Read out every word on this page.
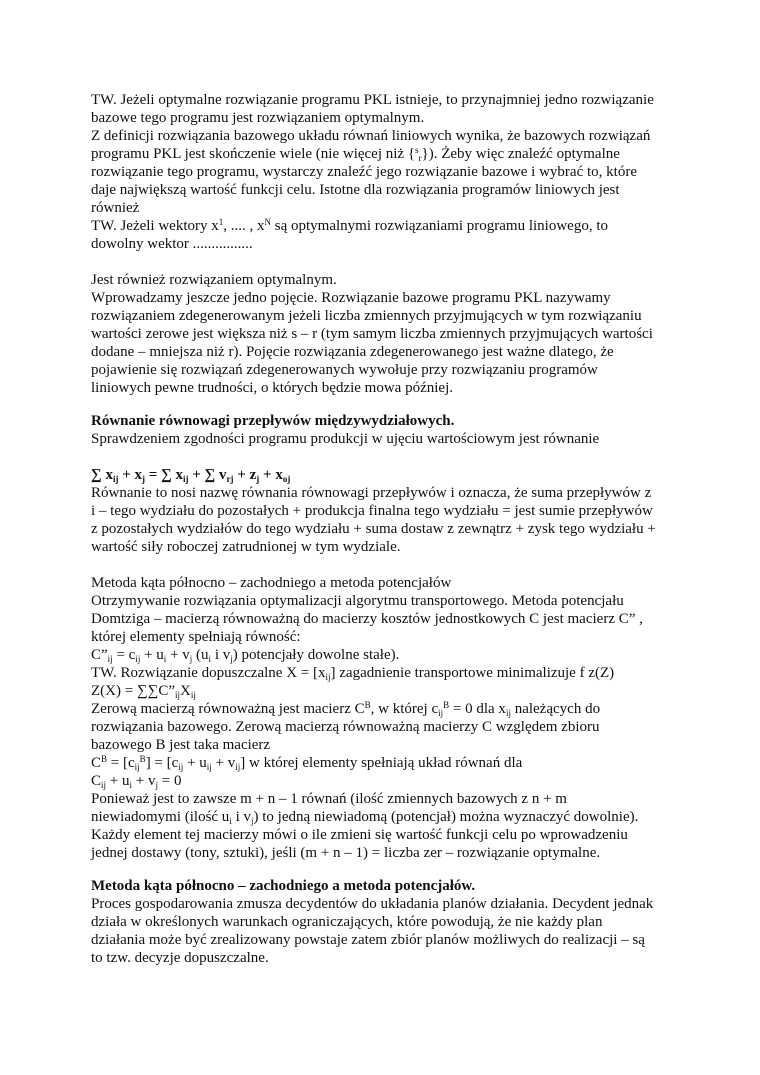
TW. Jeżeli optymalne rozwiązanie programu PKL istnieje, to przynajmniej jedno rozwiązanie
bazowe tego programu jest rozwiązaniem optymalnym.
Z definicji rozwiązania bazowego układu równań liniowych wynika, że bazowych rozwiązań
programu PKL jest skończenie wiele (nie więcej niż {$^s_r$}). Żeby więc znaleźć optymalne
rozwiązanie tego programu, wystarczy znaleźć jego rozwiązanie bazowe i wybrać to, które
daje największą wartość funkcji celu. Istotne dla rozwiązania programów liniowych jest
również
TW. Jeżeli wektory $x^1$, .... , $x^N$ są optymalnymi rozwiązaniami programu liniowego, to
dowolny wektor ................
Jest również rozwiązaniem optymalnym.
Wprowadzamy jeszcze jedno pojęcie. Rozwiązanie bazowe programu PKL nazywamy
rozwiązaniem zdegenerowanym jeżeli liczba zmiennych przyjmujących w tym rozwiązaniu
wartości zerowe jest większa niż s – r (tym samym liczba zmiennych przyjmujących wartości
dodane – mniejsza niż r). Pojęcie rozwiązania zdegenerowanego jest ważne dlatego, że
pojawienie się rozwiązań zdegenerowanych wywołuje przy rozwiązaniu programów
liniowych pewne trudności, o których będzie mowa później.
Równanie równowagi przepływów międzywydziałowych.
Sprawdzeniem zgodności programu produkcji w ujęciu wartościowym jest równanie
∑ $x_{ij} + x_j$ = ∑ $x_{ij}$ + ∑ $v_{rj} + z_j + x_{oj}$
Równanie to nosi nazwę równania równowagi przepływów i oznacza, że suma przepływów z
i – tego wydziału do pozostałych + produkcja finalna tego wydziału = jest sumie przepływów
z pozostałych wydziałów do tego wydziału + suma dostaw z zewnątrz + zysk tego wydziału +
wartość siły roboczej zatrudnionej w tym wydziale.
Metoda kąta północno – zachodniego a metoda potencjałów
Otrzymywanie rozwiązania optymalizacji algorytmu transportowego. Metoda potencjału
Domtziga – macierzą równoważną do macierzy kosztów jednostkowych C jest macierz C” ,
której elementy spełniają równość:
$C”_{ij} = c_{ij} + u_i + v_j$ ($u_i$ i $v_j$) potencjały dowolne stałe).
TW. Rozwiązanie dopuszczalne $X = [x_{ij}]$ zagadnienie transportowe minimalizuje f z(Z)
$Z(X) = \sum\sum C”_{ij}X_{ij}$
Zerową macierzą równoważną jest macierz $C^B$, w której $c_{ij}^B = 0$ dla $x_{ij}$ należących do
rozwiązania bazowego. Zerową macierzą równoważną macierzy C względem zbioru
bazowego B jest taka macierz
$C^B = [c_{ij}^B] = [c_{ij} + u_{ij} + v_{ij}]$ w której elementy spełniają układ równań dla
$C_{ij} + u_i + v_j = 0$
Ponieważ jest to zawsze m + n – 1 równań (ilość zmiennych bazowych z n + m
niewiadomymi (ilość $u_i$ i $v_j$) to jedną niewiadomą (potencjał) można wyznaczyć dowolnie).
Każdy element tej macierzy mówi o ile zmieni się wartość funkcji celu po wprowadzeniu
jednej dostawy (tony, sztuki), jeśli (m + n – 1) = liczba zer – rozwiązanie optymalne.
Metoda kąta północno – zachodniego a metoda potencjałów.
Proces gospodarowania zmusza decydentów do układania planów działania. Decydent jednak
działa w określonych warunkach ograniczających, które powodują, że nie każdy plan
działania może być zrealizowany powstaje zatem zbiór planów możliwych do realizacji – są
to tzw. decyzje dopuszczalne.
